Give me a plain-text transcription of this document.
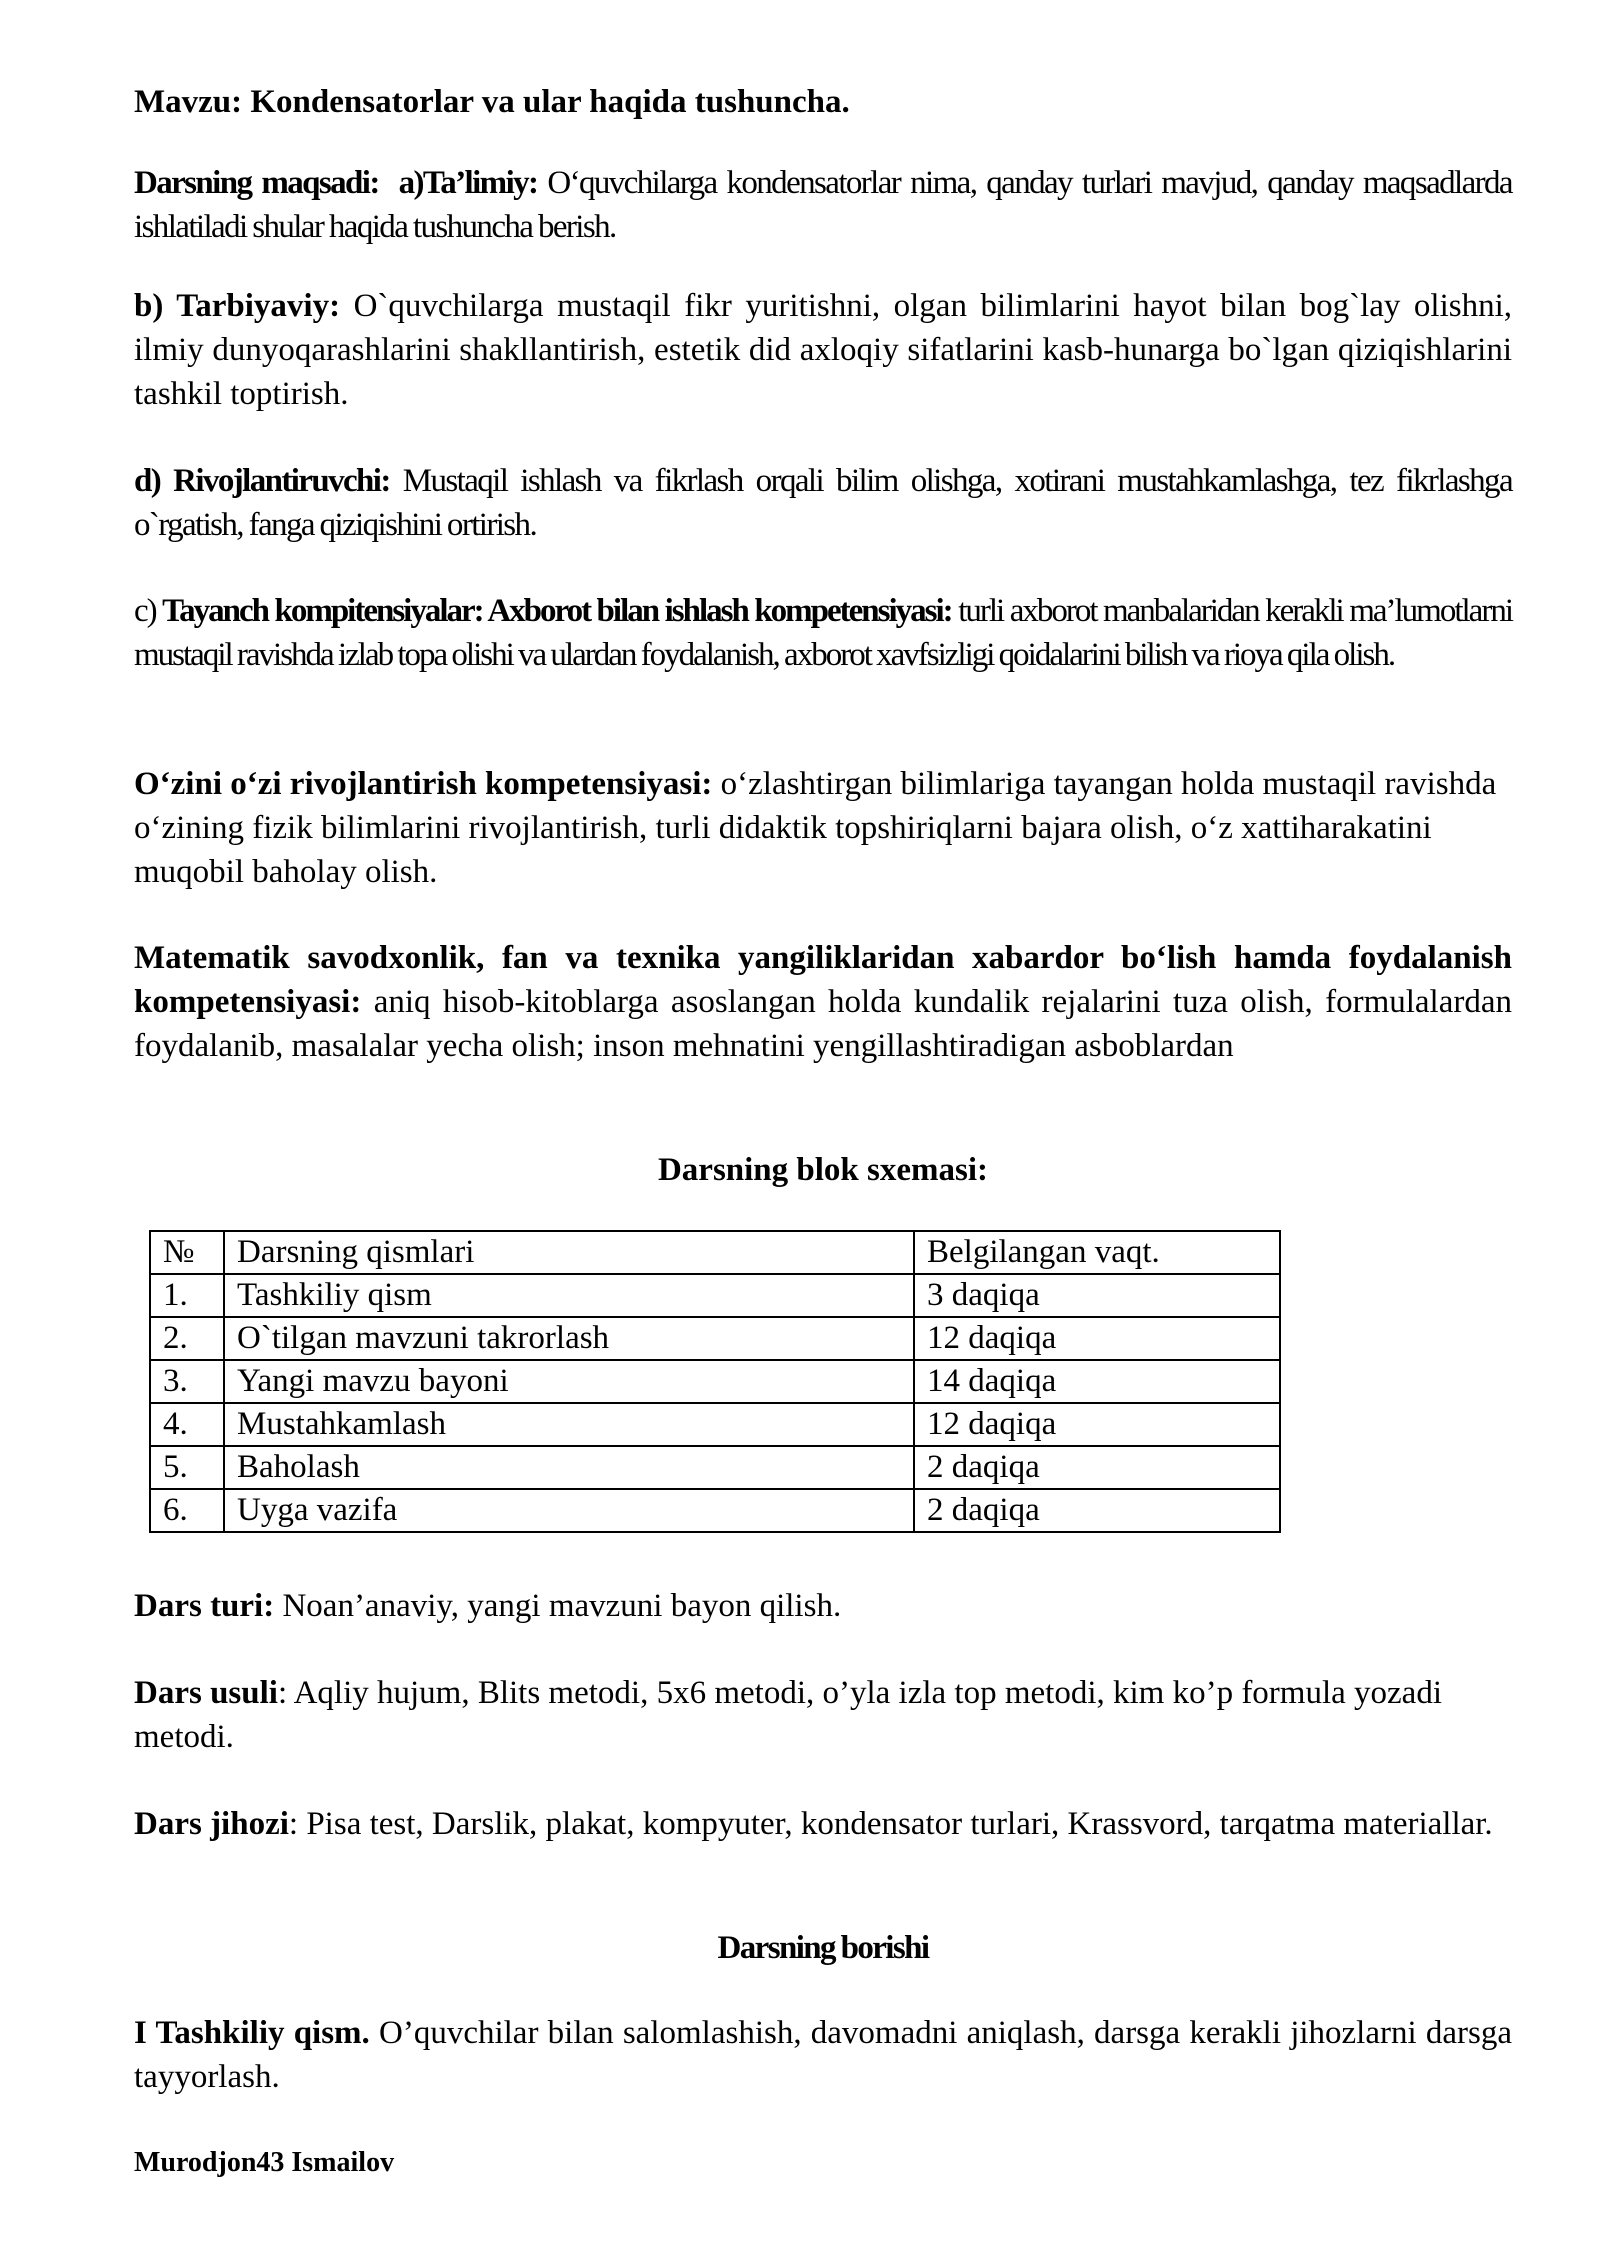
Mavzu: Kondensatorlar va ular haqida tushuncha.

Darsning maqsadi: a)Ta’limiy: O‘quvchilarga kondensatorlar nima, qanday turlari mavjud, qanday maqsadlarda ishlatiladi shular haqida tushuncha berish.

b) Tarbiyaviy: O`quvchilarga mustaqil fikr yuritishni, olgan bilimlarini hayot bilan bog`lay olishni, ilmiy dunyoqarashlarini shakllantirish, estetik did axloqiy sifatlarini kasb-hunarga bo`lgan qiziqishlarini tashkil toptirish.

d) Rivojlantiruvchi: Mustaqil ishlash va fikrlash orqali bilim olishga, xotirani mustahkamlashga, tez fikrlashga o`rgatish, fanga qiziqishini ortirish.

c) Tayanch kompitensiyalar: Axborot bilan ishlash kompetensiyasi: turli axborot manbalaridan kerakli ma’lumotlarni mustaqil ravishda izlab topa olishi va ulardan foydalanish, axborot xavfsizligi qoidalarini bilish va rioya qila olish.

O‘zini o‘zi rivojlantirish kompetensiyasi: o‘zlashtirgan bilimlariga tayangan holda mustaqil ravishda o‘zining fizik bilimlarini rivojlantirish, turli didaktik topshiriqlarni bajara olish, o‘z xattiharakatini muqobil baholay olish.

Matematik savodxonlik, fan va texnika yangiliklaridan xabardor bo‘lish hamda foydalanish kompetensiyasi: aniq hisob-kitoblarga asoslangan holda kundalik rejalarini tuza olish, formulalardan foydalanib, masalalar yecha olish; inson mehnatini yengillashtiradigan asboblardan

Darsning blok sxemasi:

№	Darsning qismlari	Belgilangan vaqt.
1.	Tashkiliy qism	3 daqiqa
2.	O`tilgan mavzuni takrorlash	12 daqiqa
3.	Yangi mavzu bayoni	14 daqiqa
4.	Mustahkamlash	12 daqiqa
5.	Baholash	2 daqiqa
6.	Uyga vazifa	2 daqiqa

Dars turi: Noan’anaviy, yangi mavzuni bayon qilish.

Dars usuli: Aqliy hujum, Blits metodi, 5x6 metodi, o’yla izla top metodi, kim ko’p formula yozadi metodi.

Dars jihozi: Pisa test, Darslik, plakat, kompyuter, kondensator turlari, Krassvord, tarqatma materiallar.

Darsning borishi

I Tashkiliy qism. O’quvchilar bilan salomlashish, davomadni aniqlash, darsga kerakli jihozlarni darsga tayyorlash.

Murodjon43 Ismailov
